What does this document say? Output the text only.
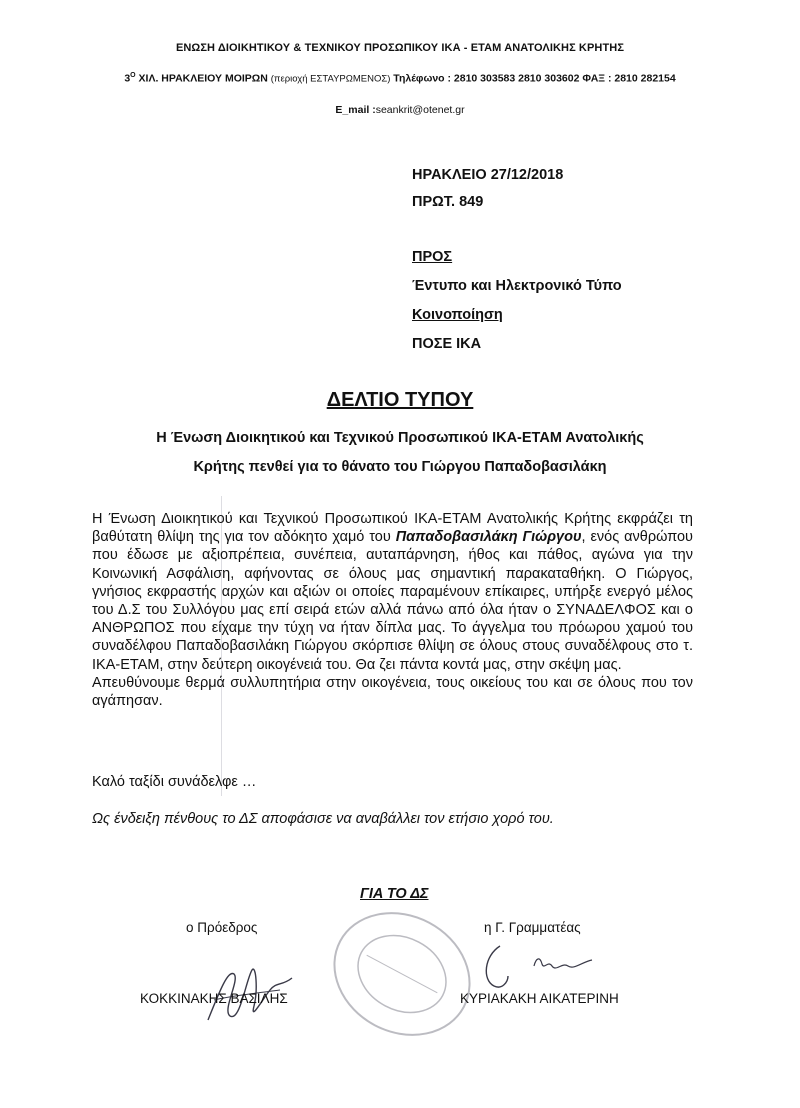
ΕΝΩΣΗ ΔΙΟΙΚΗΤΙΚΟΥ & ΤΕΧΝΙΚΟΥ ΠΡΟΣΩΠΙΚΟΥ ΙΚΑ - ΕΤΑΜ ΑΝΑΤΟΛΙΚΗΣ ΚΡΗΤΗΣ
$3^O$ ΧΙΛ. ΗΡΑΚΛΕΙΟΥ ΜΟΙΡΩΝ (περιοχή ΕΣΤΑΥΡΩΜΕΝΟΣ) Τηλέφωνο : 2810 303583 2810 303602 ΦΑΞ : 2810 282154
E_mail :seankrit@otenet.gr
ΗΡΑΚΛΕΙΟ 27/12/2018
ΠΡΩΤ. 849
ΠΡΟΣ
Έντυπο και Ηλεκτρονικό Τύπο
Κοινοποίηση
ΠΟΣΕ ΙΚΑ
ΔΕΛΤΙΟ ΤΥΠΟΥ
Η Ένωση Διοικητικού και Τεχνικού Προσωπικού ΙΚΑ-ΕΤΑΜ Ανατολικής
Κρήτης πενθεί για το θάνατο του Γιώργου Παπαδοβασιλάκη

Η Ένωση Διοικητικού και Τεχνικού Προσωπικού ΙΚΑ-ΕΤΑΜ Ανατολικής Κρήτης εκφράζει τη βαθύτατη θλίψη της για τον αδόκητο χαμό του Παπαδοβασιλάκη Γιώργου, ενός ανθρώπου που έδωσε με αξιοπρέπεια, συνέπεια, αυταπάρνηση, ήθος και πάθος, αγώνα για την Κοινωνική Ασφάλιση, αφήνοντας σε όλους μας σημαντική παρακαταθήκη. Ο Γιώργος, γνήσιος εκφραστής αρχών και αξιών οι οποίες παραμένουν επίκαιρες, υπήρξε ενεργό μέλος του Δ.Σ του Συλλόγου μας επί σειρά ετών αλλά πάνω από όλα ήταν ο ΣΥΝΑΔΕΛΦΟΣ και ο ΑΝΘΡΩΠΟΣ που είχαμε την τύχη να ήταν δίπλα μας. Το άγγελμα του πρόωρου χαμού του συναδέλφου Παπαδοβασιλάκη Γιώργου σκόρπισε θλίψη σε όλους στους συναδέλφους στο τ. ΙΚΑ-ΕΤΑΜ, στην δεύτερη οικογένειά του. Θα ζει πάντα κοντά μας, στην σκέψη μας.

Απευθύνουμε θερμά συλλυπητήρια στην οικογένεια, τους οικείους του και σε όλους που τον αγάπησαν.

Καλό ταξίδι συνάδελφε …
Ως ένδειξη πένθους το ΔΣ αποφάσισε να αναβάλλει τον ετήσιο χορό του.
ΓΙΑ ΤΟ ΔΣ
ο Πρόεδρος	η Γ. Γραμματέας
ΚΟΚΚΙΝΑΚΗΣ ΒΑΣΙΛΗΣ	ΚΥΡΙΑΚΑΚΗ ΑΙΚΑΤΕΡΙΝΗ
